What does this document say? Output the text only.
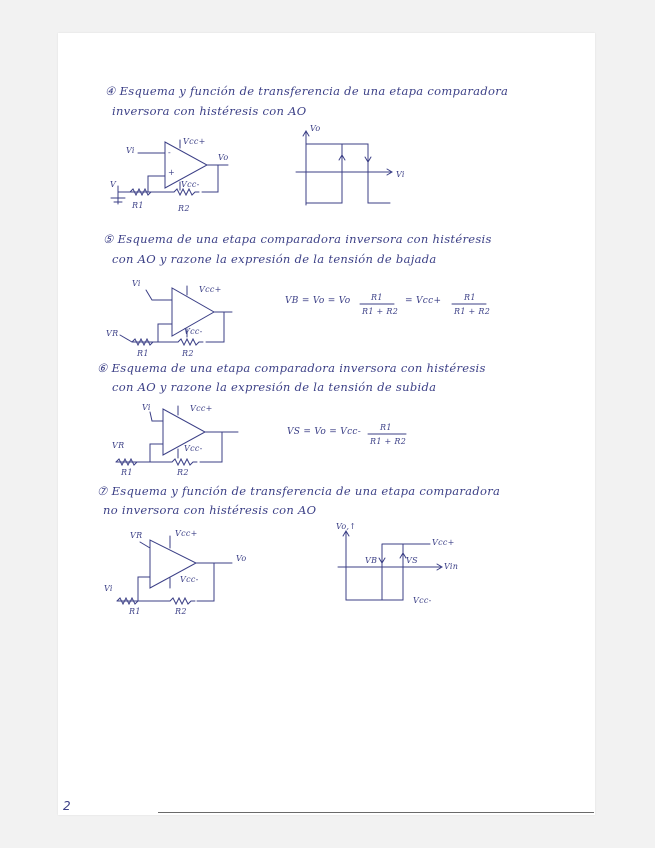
④ Esquema y función de transferencia de una etapa comparadora
inversora con histéresis con AO
⑤ Esquema de una etapa comparadora inversora con histéresis
con AO y razone la expresión de la tensión de bajada
⑥ Esquema de una etapa comparadora inversora con histéresis
con AO y razone la expresión de la tensión de subida
⑦ Esquema y función de transferencia de una etapa comparadora
no inversora con histéresis con AO
Vi
Vcc+
Vo
-
+
Vcc-
V
R1	R2
Vo
Vi
Vi
Vcc+
Vcc-
VR
R1	R2
VB = Vo = Vo	R1
R1 + R2
= Vcc+	R1
R1 + R2
Vi	Vcc+
Vcc-
VR
R1	R2
VS = Vo = Vcc- R1
R1 + R2
VR	Vcc+
Vo
Vcc-
Vi
R1	R2
Vo,↑
VB	VS
Vcc+
Vin
Vcc-
2
